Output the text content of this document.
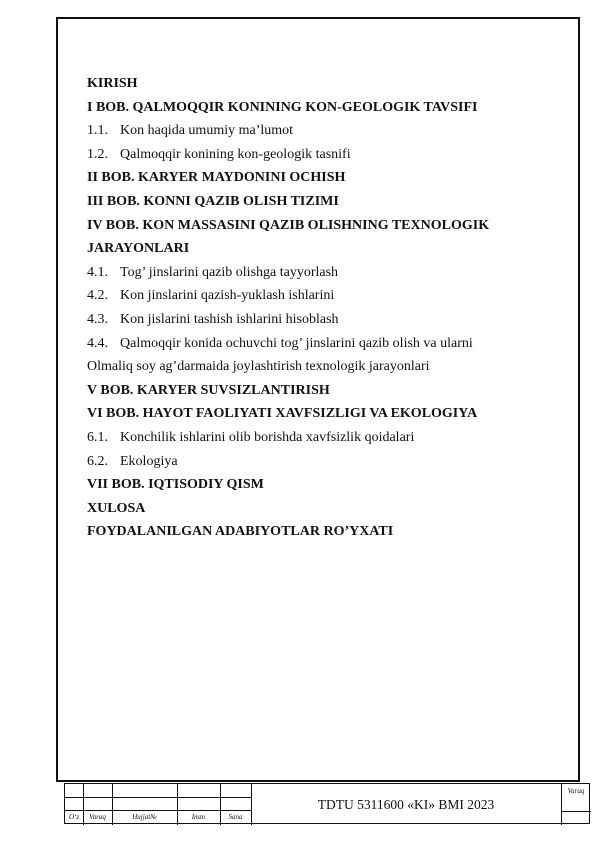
KIRISH
I BOB. QALMOQQIR KONINING KON-GEOLOGIK TAVSIFI
1.1. Kon haqida umumiy ma’lumot
1.2. Qalmoqqir konining kon-geologik tasnifi
II BOB. KARYER MAYDONINI OCHISH
III BOB. KONNI QAZIB OLISH TIZIMI
IV BOB. KON MASSASINI QAZIB OLISHNING TEXNOLOGIK
JARAYONLARI
4.1. Tog’ jinslarini qazib olishga tayyorlash
4.2. Kon jinslarini qazish-yuklash ishlarini
4.3. Kon jislarini tashish ishlarini hisoblash
4.4. Qalmoqqir konida ochuvchi tog’ jinslarini qazib olish va ularni
Olmaliq soy ag’darmaida joylashtirish texnologik jarayonlari
V BOB. KARYER SUVSIZLANTIRISH
VI BOB. HAYOT FAOLIYATI XAVFSIZLIGI VA EKOLOGIYA
6.1. Konchilik ishlarini olib borishda xavfsizlik qoidalari
6.2. Ekologiya
VII BOB. IQTISODIY QISM
XULOSA
FOYDALANILGAN ADABIYOTLAR RO’YXATI
O‘z	Varaq	Hujjat№	Imzo	Sana
TDTU 5311600 «KI» BMI 2023
Varaq
